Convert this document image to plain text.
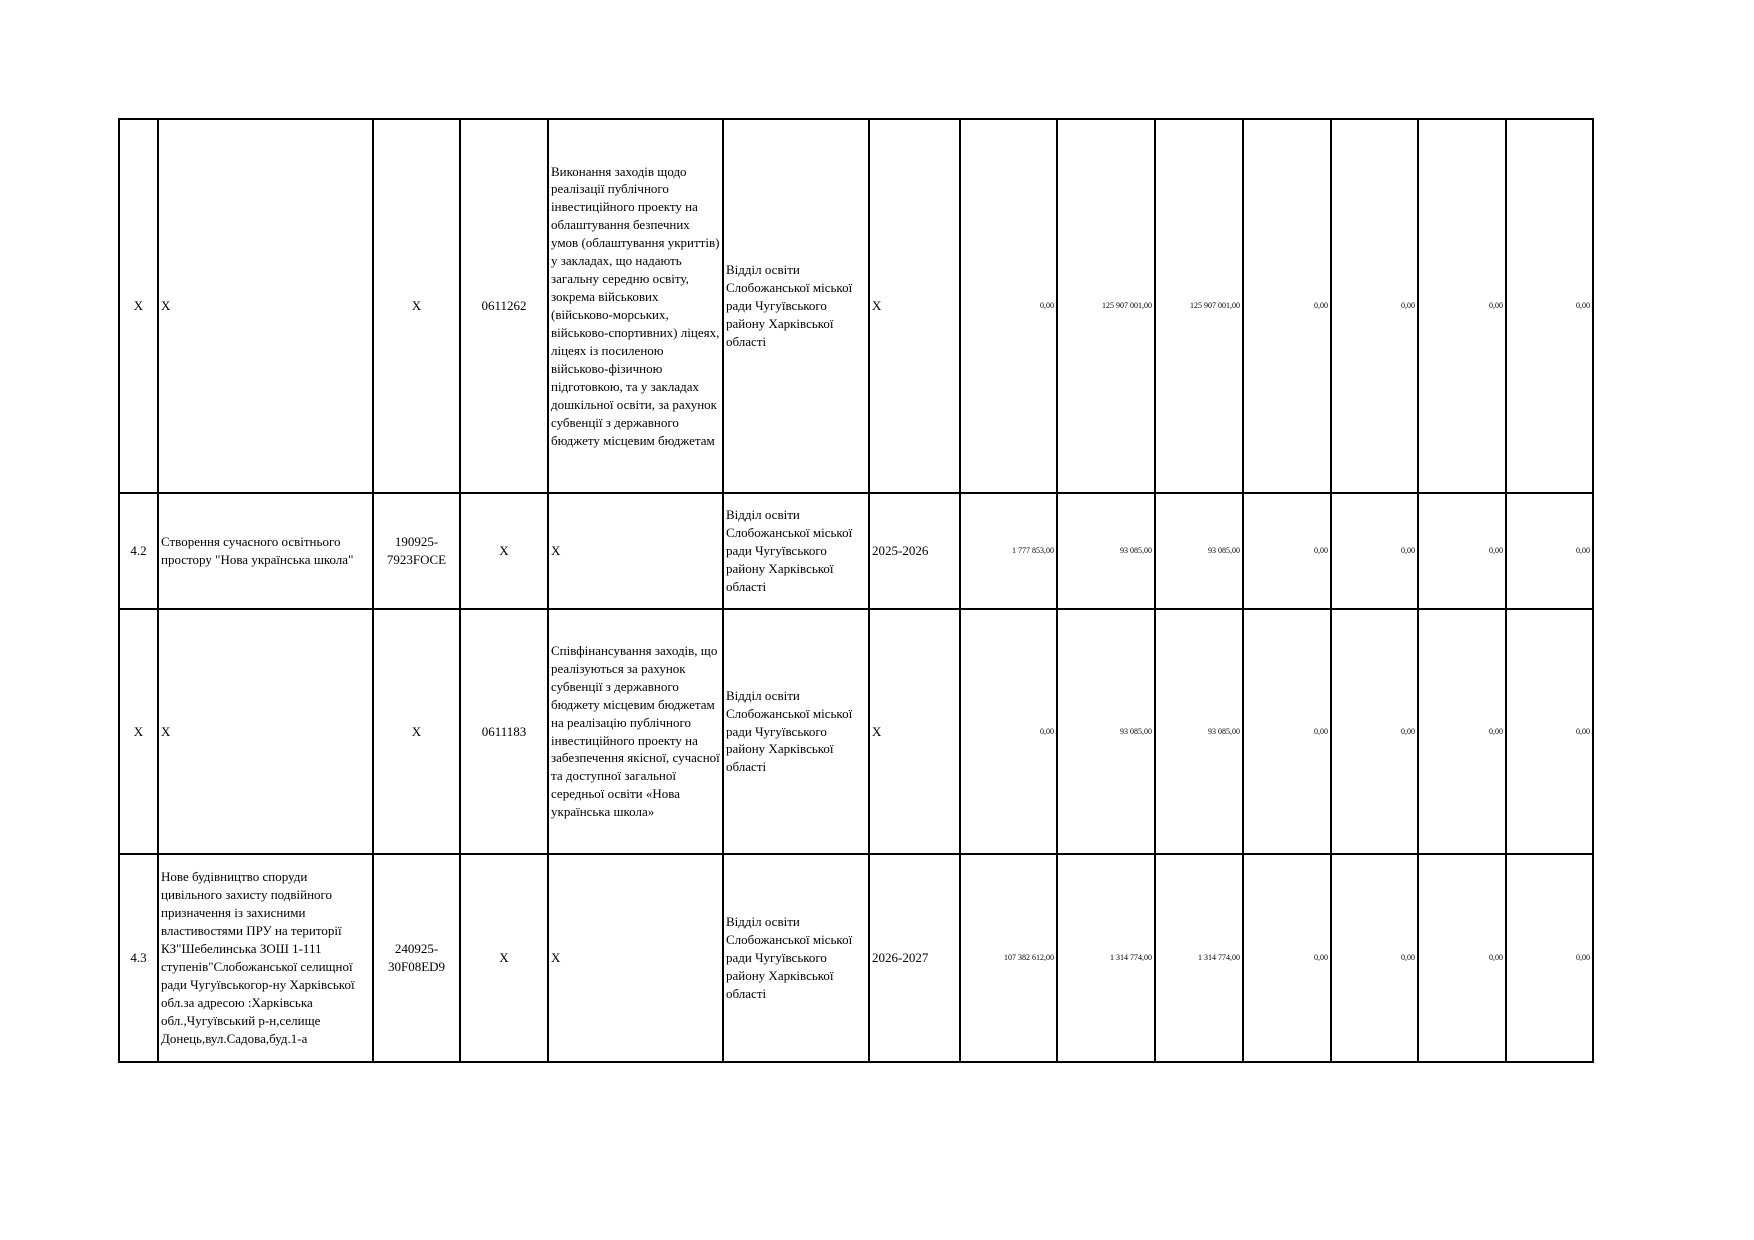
Х	Х	Х	0611262	Виконання заходів щодо реалізації публічного інвестиційного проекту на облаштування безпечних умов (облаштування укриттів) у закладах, що надають загальну середню освіту, зокрема військових (військово-морських, військово-спортивних) ліцеях, ліцеях із посиленою військово-фізичною підготовкою, та у закладах дошкільної освіти, за рахунок субвенції з державного бюджету місцевим бюджетам	Відділ освіти Слобожанської міської ради Чугуївського району Харківської області	Х	0,00	125 907 001,00	125 907 001,00	0,00	0,00	0,00	0,00
4.2	Створення сучасного освітнього простору "Нова українська школа"	190925-7923FOCE	Х	Х	Відділ освіти Слобожанської міської ради Чугуївського району Харківської області	2025-2026	1 777 853,00	93 085,00	93 085,00	0,00	0,00	0,00	0,00
Х	Х	Х	0611183	Співфінансування заходів, що реалізуються за рахунок субвенції з державного бюджету місцевим бюджетам на реалізацію публічного інвестиційного проекту на забезпечення якісної, сучасної та доступної загальної середньої освіти «Нова українська школа»	Відділ освіти Слобожанської міської ради Чугуївського району Харківської області	Х	0,00	93 085,00	93 085,00	0,00	0,00	0,00	0,00
4.3	Нове будівництво споруди цивільного захисту подвійного призначення із захисними властивостями ПРУ на території КЗ"Шебелинська ЗОШ 1-111 ступенів"Слобожанської селищної ради Чугуївськогор-ну Харківської обл.за адресою :Харківська обл.,Чугуївський р-н,селище Донець,вул.Садова,буд.1-а	240925-30F08ED9	Х	Х	Відділ освіти Слобожанської міської ради Чугуївського району Харківської області	2026-2027	107 382 612,00	1 314 774,00	1 314 774,00	0,00	0,00	0,00	0,00
